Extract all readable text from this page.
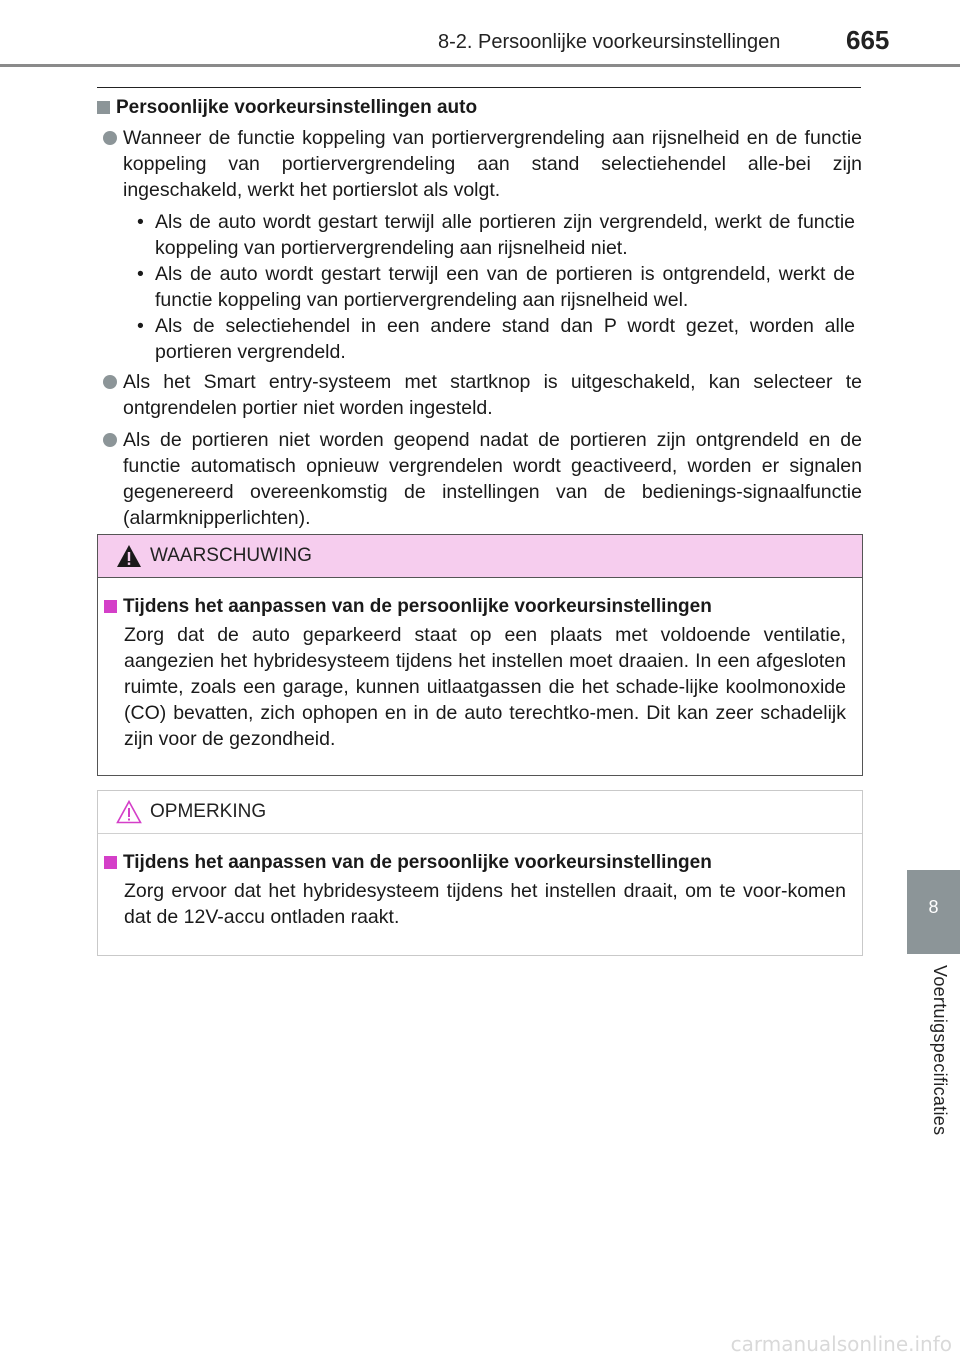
8-2. Persoonlijke voorkeursinstellingen	665
8
Voertuigspecificaties
Persoonlijke voorkeursinstellingen auto
Wanneer de functie koppeling van portiervergrendeling aan rijsnelheid en de functie koppeling van portiervergrendeling aan stand selectiehendel alle-bei zijn ingeschakeld, werkt het portierslot als volgt.
• Als de auto wordt gestart terwijl alle portieren zijn vergrendeld, werkt de functie koppeling van portiervergrendeling aan rijsnelheid niet.
• Als de auto wordt gestart terwijl een van de portieren is ontgrendeld, werkt de functie koppeling van portiervergrendeling aan rijsnelheid wel.
• Als de selectiehendel in een andere stand dan P wordt gezet, worden alle portieren vergrendeld.
Als het Smart entry-systeem met startknop is uitgeschakeld, kan selecteer te ontgrendelen portier niet worden ingesteld.
Als de portieren niet worden geopend nadat de portieren zijn ontgrendeld en de functie automatisch opnieuw vergrendelen wordt geactiveerd, worden er signalen gegenereerd overeenkomstig de instellingen van de bedienings-signaalfunctie (alarmknipperlichten).
WAARSCHUWING
Tijdens het aanpassen van de persoonlijke voorkeursinstellingen
Zorg dat de auto geparkeerd staat op een plaats met voldoende ventilatie, aangezien het hybridesysteem tijdens het instellen moet draaien. In een afgesloten ruimte, zoals een garage, kunnen uitlaatgassen die het schade-lijke koolmonoxide (CO) bevatten, zich ophopen en in de auto terechtko-men. Dit kan zeer schadelijk zijn voor de gezondheid.
OPMERKING
Tijdens het aanpassen van de persoonlijke voorkeursinstellingen
Zorg ervoor dat het hybridesysteem tijdens het instellen draait, om te voor-komen dat de 12V-accu ontladen raakt.
carmanualsonline.info
